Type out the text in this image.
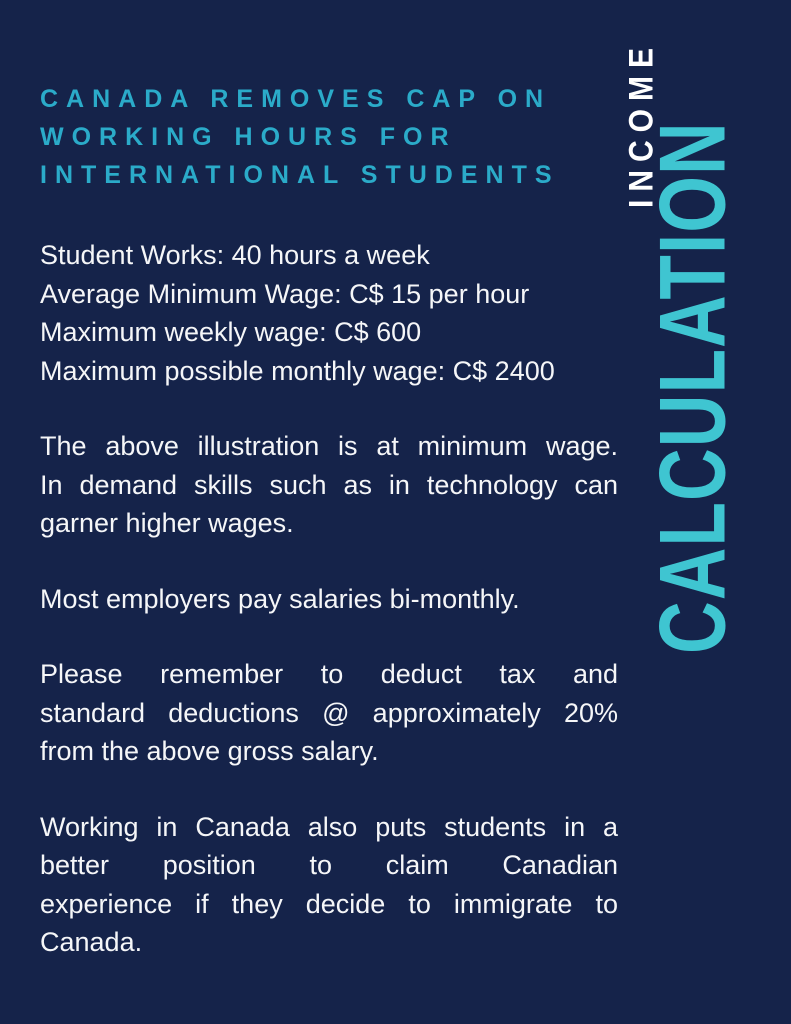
CANADA REMOVES CAP ON
WORKING HOURS FOR
INTERNATIONAL STUDENTS	INCOME
CALCULATION
Student Works: 40 hours a week
Average Minimum Wage: C$ 15 per hour
Maximum weekly wage: C$ 600
Maximum possible monthly wage: C$ 2400
The above illustration is at minimum wage.
In demand skills such as in technology can
garner higher wages.
Most employers pay salaries bi-monthly.
Please remember to deduct tax and
standard deductions @ approximately 20%
from the above gross salary.
Working in Canada also puts students in a
better position to claim Canadian
experience if they decide to immigrate to
Canada.
